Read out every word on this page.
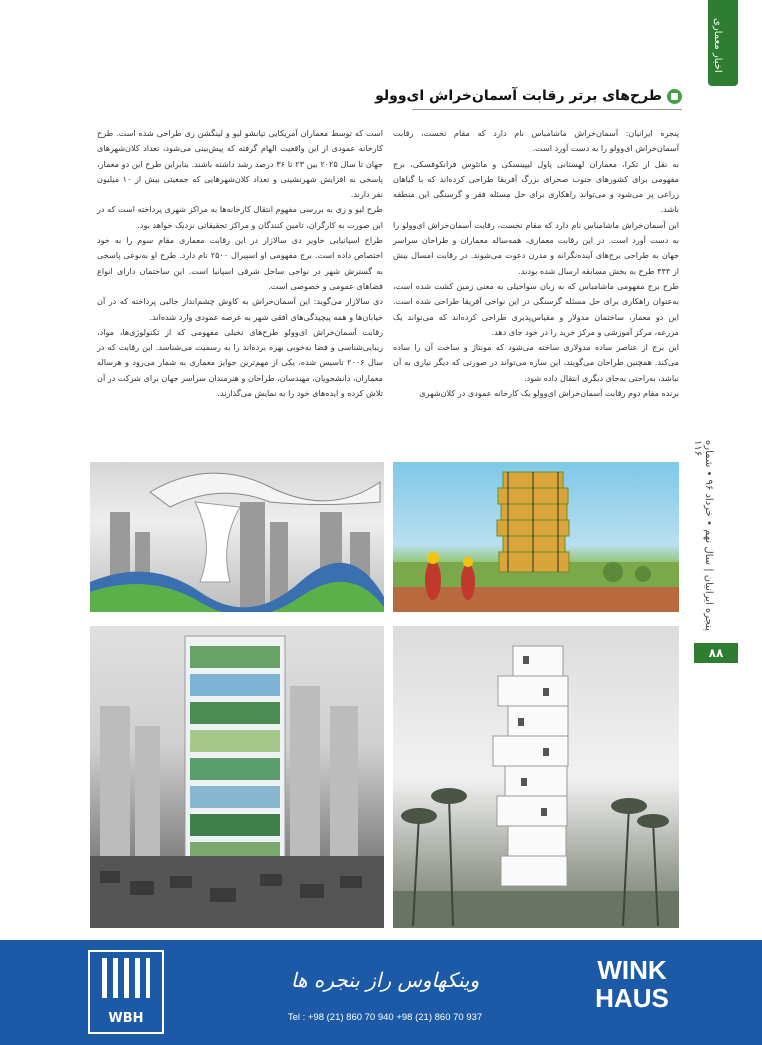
اخبار معماری
طرح‌های برتر رقابت آسمان‌خراش ای‌وولو

پنجره ایرانیان: آسمان‌خراش ماشامباس نام دارد که مقام نخست، رقابت آسمان‌خراش ای‌وولو را به دست آورد است.

به نقل از تکرا، معماران لهستانی پاول لیپینسکی و ماتئوس فرانکوفسکی، برج مفهومی برای کشورهای جنوب صحرای بزرگ آفریقا طراحی کرده‌اند که با گیاهان زراعی پر می‌شود و می‌تواند راهکاری برای حل مسئله فقر و گرسنگی این منطقه باشد.

این آسمان‌خراش ماشامباس نام دارد که مقام نخست، رقابت آسمان‌خراش ای‌وولو را به دست آورد است. در این رقابت معماری، همه‌ساله معماران و طراحان سراسر جهان به طراحی برج‌های آینده‌نگرانه و مدرن دعوت می‌شوند. در رقابت امسال بیش از ۴۴۴ طرح به بخش مسابقه ارسال شده بودند.

طرح برج مفهومی ماشامباس که به زبان سواحیلی به معنی زمین کشت شده است، به‌عنوان راهکاری برای حل مسئله گرسنگی در این نواحی آفریقا طراحی شده است. این دو معمار، ساختمان مدولار و مقیاس‌پذیری طراحی کرده‌اند که می‌تواند یک مزرعه، مرکز آموزشی و مرکز خرید را در خود جای دهد.

این برج از عناصر ساده مدولاری ساخته می‌شود که مونتاژ و ساخت آن را ساده می‌کند. همچنین طراحان می‌گویند، این سازه می‌تواند در صورتی که دیگر نیازی به آن نباشد، به‌راحتی به‌جای دیگری انتقال داده شود.

برنده مقام دوم رقابت آسمان‌خراش ای‌وولو یک کارخانه عمودی در کلان‌شهری

است که توسط معماران آمریکایی تیانشو لیو و لینگشن زی طراحی شده است. طرح کارخانه عمودی از این واقعیت الهام گرفته که پیش‌بینی می‌شود، تعداد کلان‌شهرهای جهان تا سال ۲۰۲۵ بین ۲۳ تا ۳۶ درصد رشد داشته باشند. بنابراین طرح این دو معمار، پاسخی به افزایش شهرنشینی و تعداد کلان‌شهرهایی که جمعیتی بیش از ۱۰ میلیون نفر دارند.

طرح لیو و زی به بررسی مفهوم انتقال کارخانه‌ها به مراکز شهری پرداخته است که در این صورت به کارگران، تامین کنندگان و مراکز تحقیقاتی نزدیک خواهد بود.

طراح اسپانیایی خاویر دی سالازار در این رقابت معماری مقام سوم را به خود اختصاص داده است. برج مفهومی او اسپیرال ۲۵۰۰ نام دارد. طرح او به‌نوعی پاسخی به گسترش شهر در نواحی ساحل شرقی اسپانیا است. این ساختمان دارای انواع فضاهای عمومی و خصوصی است.

دی سالازار می‌گوید: این آسمان‌خراش به کاوش چشم‌انداز جالبی پرداخته که در آن خیابان‌ها و همه پیچیدگی‌های افقی شهر به عرصه عمودی وارد شده‌اند.

رقابت آسمان‌خراش ای‌وولو طرح‌های تخیلی مفهومی که از تکنولوژی‌ها، مواد، زیبایی‌شناسی و فضا به‌خوبی بهره برده‌اند را به رسمیت می‌شناسد. این رقابت که در سال ۲۰۰۶ تاسیس شده، یکی از مهم‌ترین جوایز معماری به شمار می‌رود و هرساله معماران، دانشجویان، مهندسان، طراحان و هنرمندان سراسر جهان برای شرکت در آن تلاش کرده و ایده‌های خود را به نمایش می‌گذارند.

پنجره ایرانیان | سال نهم • خرداد ۹۶ • شماره ۱۱۶
۸۸
WBH
وینکهاوس راز بنجره ها
Tel : +98 (21) 860 70 940 +98 (21) 860 70 937
WINK
HAUS
